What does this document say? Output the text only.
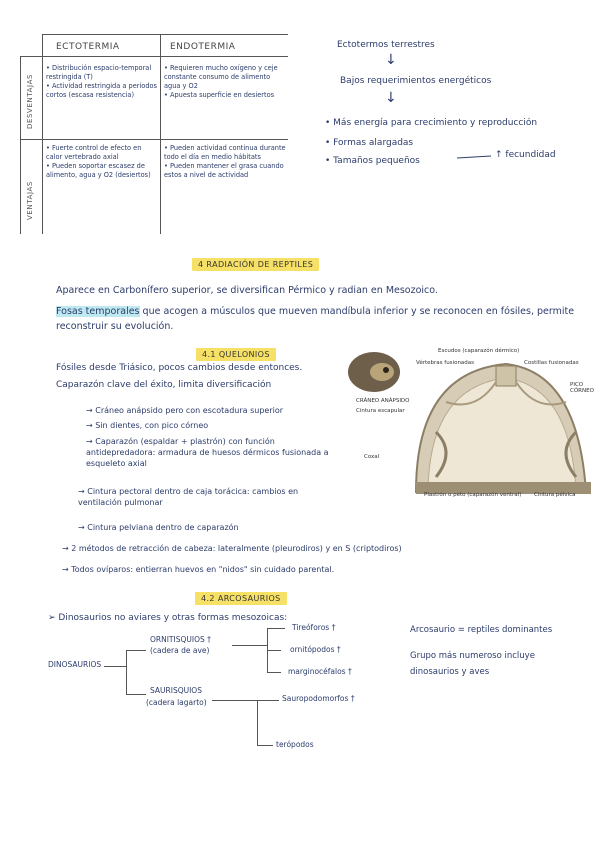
ECTOTERMIA	ENDOTERMIA
DESVENTAJAS
VENTAJAS
• Distribución espacio-temporal restringida (T)
• Actividad restringida a periodos cortos (escasa resistencia)
• Requieren mucho oxígeno y ceje constante consumo de alimento agua y O2
• Apuesta superficie en desiertos
• Fuerte control de efecto en calor vertebrado axial
• Pueden soportar escasez de alimento, agua y O2 (desiertos)
• Pueden actividad continua durante todo el día en medio hábitats
• Pueden mantener el grasa cuando estos a nivel de actividad
Ectotermos terrestres
↓
Bajos requerimientos energéticos
↓
• Más energía para crecimiento y reproducción
• Formas alargadas
• Tamaños pequeños
↑ fecundidad
4 RADIACIÓN DE REPTILES
Aparece en Carbonífero superior, se diversifican Pérmico y radian en Mesozoico.
Fosas temporales que acogen a músculos que mueven mandíbula inferior y se reconocen en fósiles, permite reconstruir su evolución.
4.1 QUELONIOS
Fósiles desde Triásico, pocos cambios desde entonces.
Caparazón clave del éxito, limita diversificación
→ Cráneo anápsido pero con escotadura superior
→ Sin dientes, con pico córneo
→ Caparazón (espaldar + plastrón) con función antidepredadora: armadura de huesos dérmicos fusionada a esqueleto axial
→ Cintura pectoral dentro de caja torácica: cambios en ventilación pulmonar
→ Cintura pelviana dentro de caparazón
→ 2 métodos de retracción de cabeza: lateralmente (pleurodiros) y en S (criptodiros)
→ Todos ovíparos: entierran huevos en "nidos" sin cuidado parental.
CRÁNEO ANÁPSIDO
Escudos (caparazón dérmico)
Vértebras fusionadas	Costillas fusionadas
PICO CÓRNEO
Cintura escapular
Coxal
Plastrón o peto (caparazón ventral) Cintura pélvica
4.2 ARCOSAURIOS
➢ Dinosaurios no aviares y otras formas mesozoicas:
DINOSAURIOS
ORNITISQUIOS †
(cadera de ave)
SAURISQUIOS
(cadera lagarto)
Tireóforos †
ornitópodos †
marginocéfalos †
Sauropodomorfos †
terópodos
Arcosaurio = reptiles dominantes
Grupo más numeroso incluye dinosaurios y aves
